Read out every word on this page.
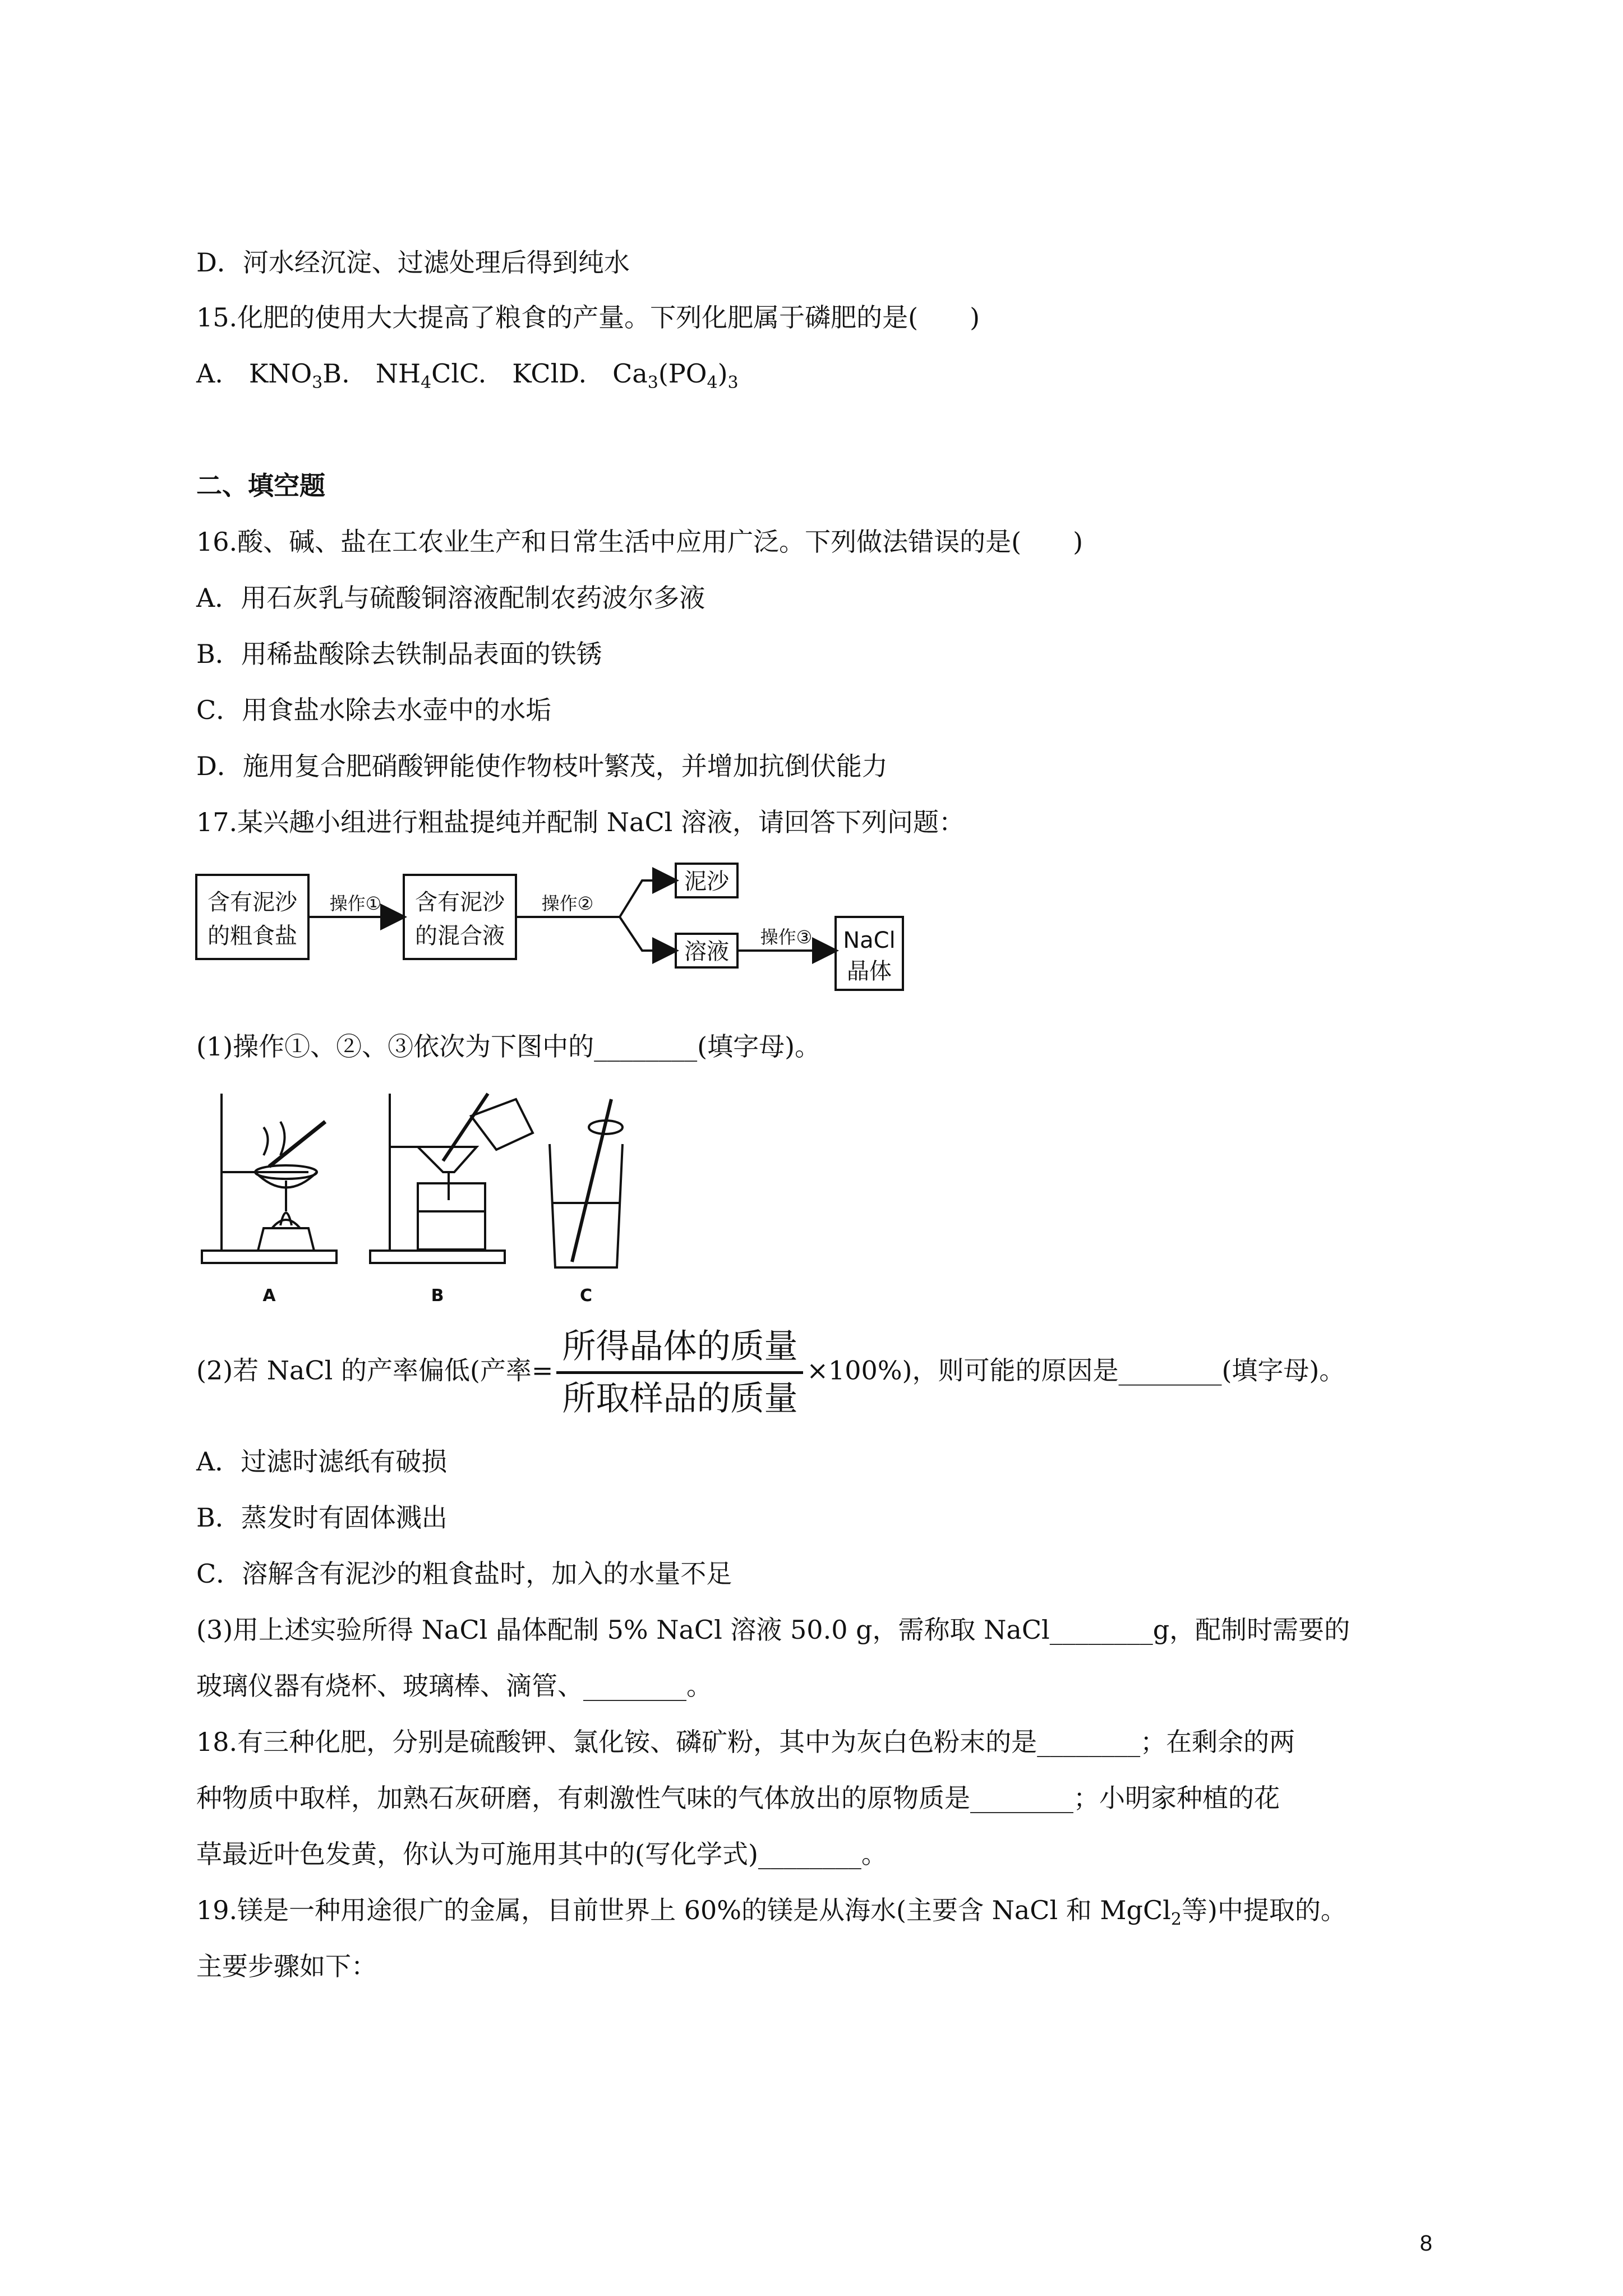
D．河水经沉淀、过滤处理后得到纯水
15.化肥的使用大大提高了粮食的产量。下列化肥属于磷肥的是(　　)
A.　$KNO_3B$.　$NH_4ClC$.　KClD.　$Ca_3(PO_4)_3$
二、填空题
16.酸、碱、盐在工农业生产和日常生活中应用广泛。下列做法错误的是(　　)
A．用石灰乳与硫酸铜溶液配制农药波尔多液
B．用稀盐酸除去铁制品表面的铁锈
C．用食盐水除去水壶中的水垢
D．施用复合肥硝酸钾能使作物枝叶繁茂，并增加抗倒伏能力
17.某兴趣小组进行粗盐提纯并配制 NaCl 溶液，请回答下列问题：
含有泥沙
的粗食盐
操作① 含有泥沙
的混合液
操作②
泥沙
溶液
操作③ NaCl
晶体
(1)操作①、②、③依次为下图中的________(填字母)。
A	B	C
(2)若 NaCl 的产率偏低(产率= $\frac{\text{所得晶体的质量}}{\text{所取样品的质量}} \times 100\%$)，则可能的原因是________(填字母)。
A．过滤时滤纸有破损
B．蒸发时有固体溅出
C．溶解含有泥沙的粗食盐时，加入的水量不足
(3)用上述实验所得 NaCl 晶体配制 5% NaCl 溶液 50.0 g，需称取 NaCl________g，配制时需要的
玻璃仪器有烧杯、玻璃棒、滴管、________。
18.有三种化肥，分别是硫酸钾、氯化铵、磷矿粉，其中为灰白色粉末的是________；在剩余的两
种物质中取样，加熟石灰研磨，有刺激性气味的气体放出的原物质是________；小明家种植的花
草最近叶色发黄，你认为可施用其中的(写化学式)________。
19.镁是一种用途很广的金属，目前世界上 60%的镁是从海水(主要含 NaCl 和 MgCl$_2$等)中提取的。
主要步骤如下：
8
